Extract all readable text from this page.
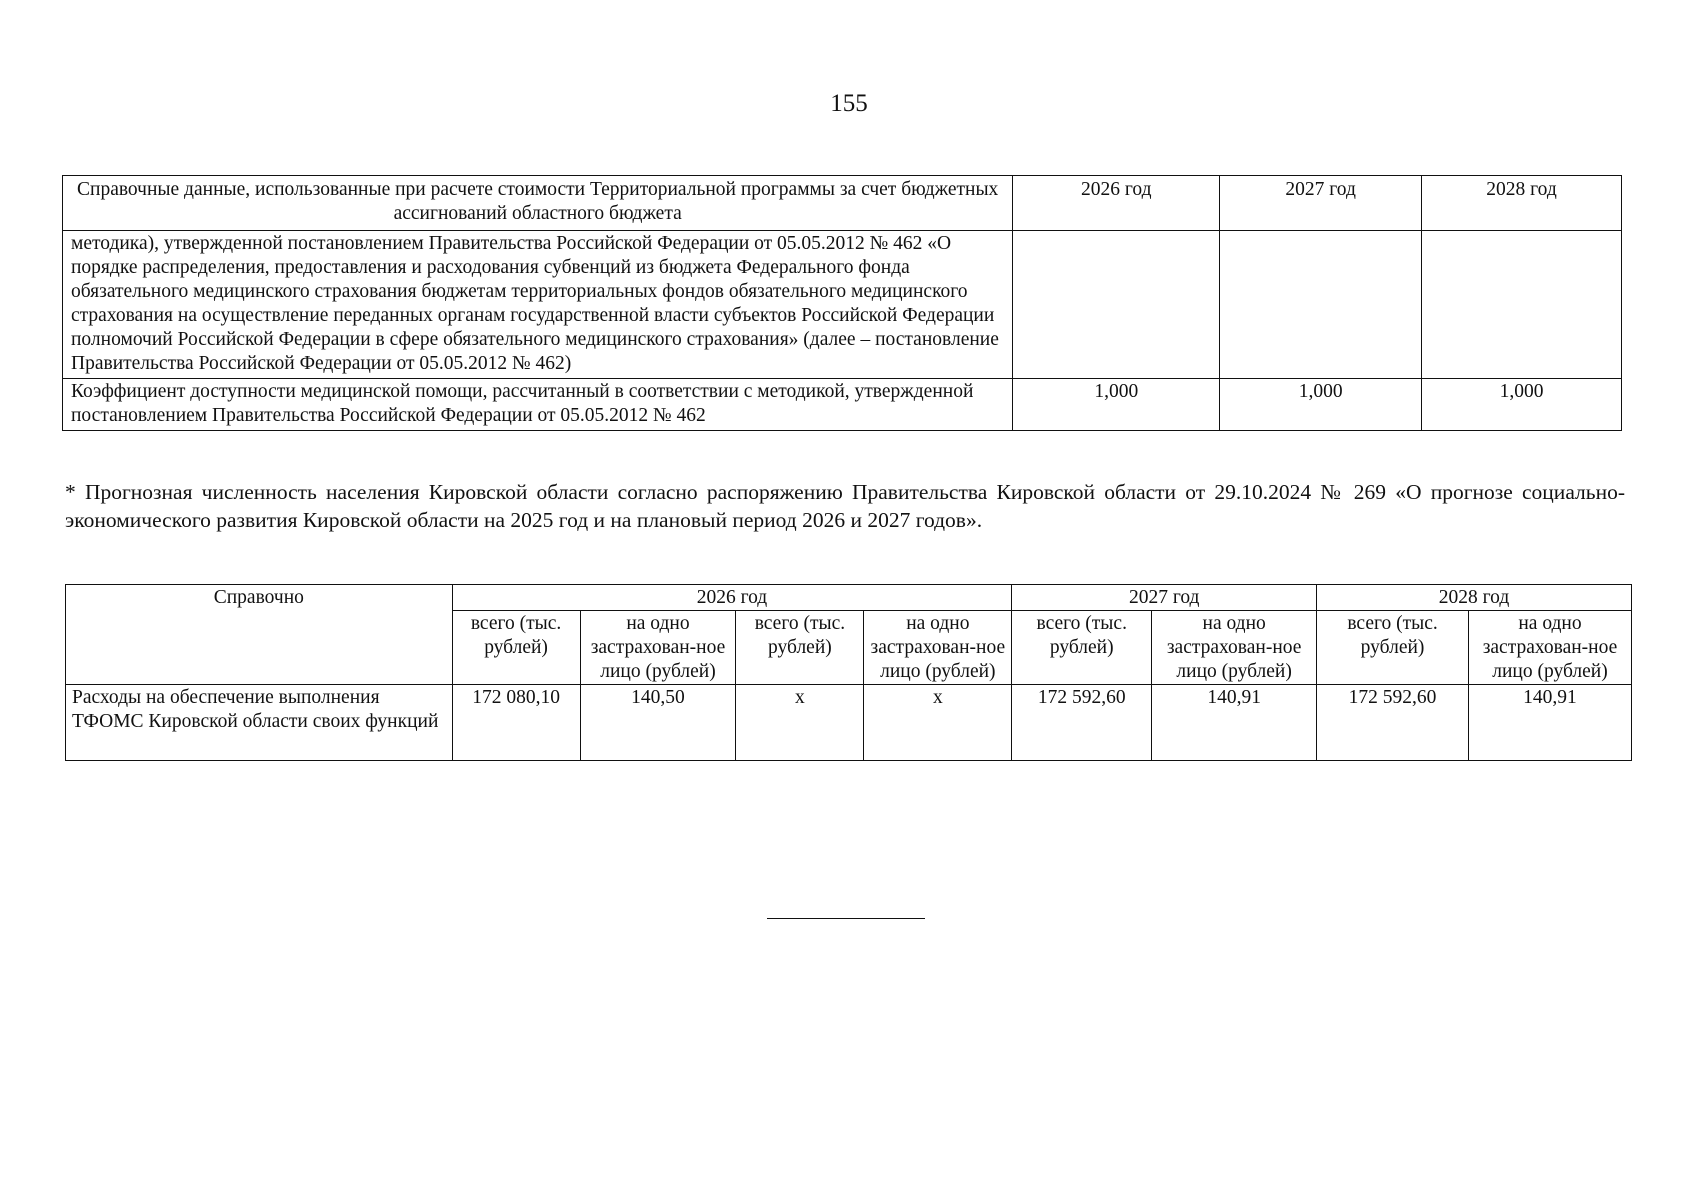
155
Справочные данные, использованные при расчете стоимости Территориальной программы за счет бюджетных ассигнований областного бюджета	2026 год	2027 год	2028 год
методика), утвержденной постановлением Правительства Российской Федерации от 05.05.2012 № 462 «О порядке распределения, предоставления и расходования субвенций из бюджета Федерального фонда обязательного медицинского страхования бюджетам территориальных фондов обязательного медицинского страхования на осуществление переданных органам государственной власти субъектов Российской Федерации полномочий Российской Федерации в сфере обязательного медицинского страхования» (далее – постановление Правительства Российской Федерации от 05.05.2012 № 462)			
Коэффициент доступности медицинской помощи, рассчитанный в соответствии с методикой, утвержденной постановлением Правительства Российской Федерации от 05.05.2012 № 462	1,000	1,000	1,000
* Прогнозная численность населения Кировской области согласно распоряжению Правительства Кировской области от 29.10.2024 № 269 «О прогнозе социально-экономического развития Кировской области на 2025 год и на плановый период 2026 и 2027 годов».
Справочно	2026 год				2027 год		2028 год	
	всего (тыс. рублей)	на одно застрахован-ное лицо (рублей)	всего (тыс. рублей)	на одно застрахован-ное лицо (рублей)	всего (тыс. рублей)	на одно застрахован-ное лицо (рублей)	всего (тыс. рублей)	на одно застрахован-ное лицо (рублей)
Расходы на обеспечение выполнения ТФОМС Кировской области своих функций	172 080,10	140,50	х	х	172 592,60	140,91	172 592,60	140,91
